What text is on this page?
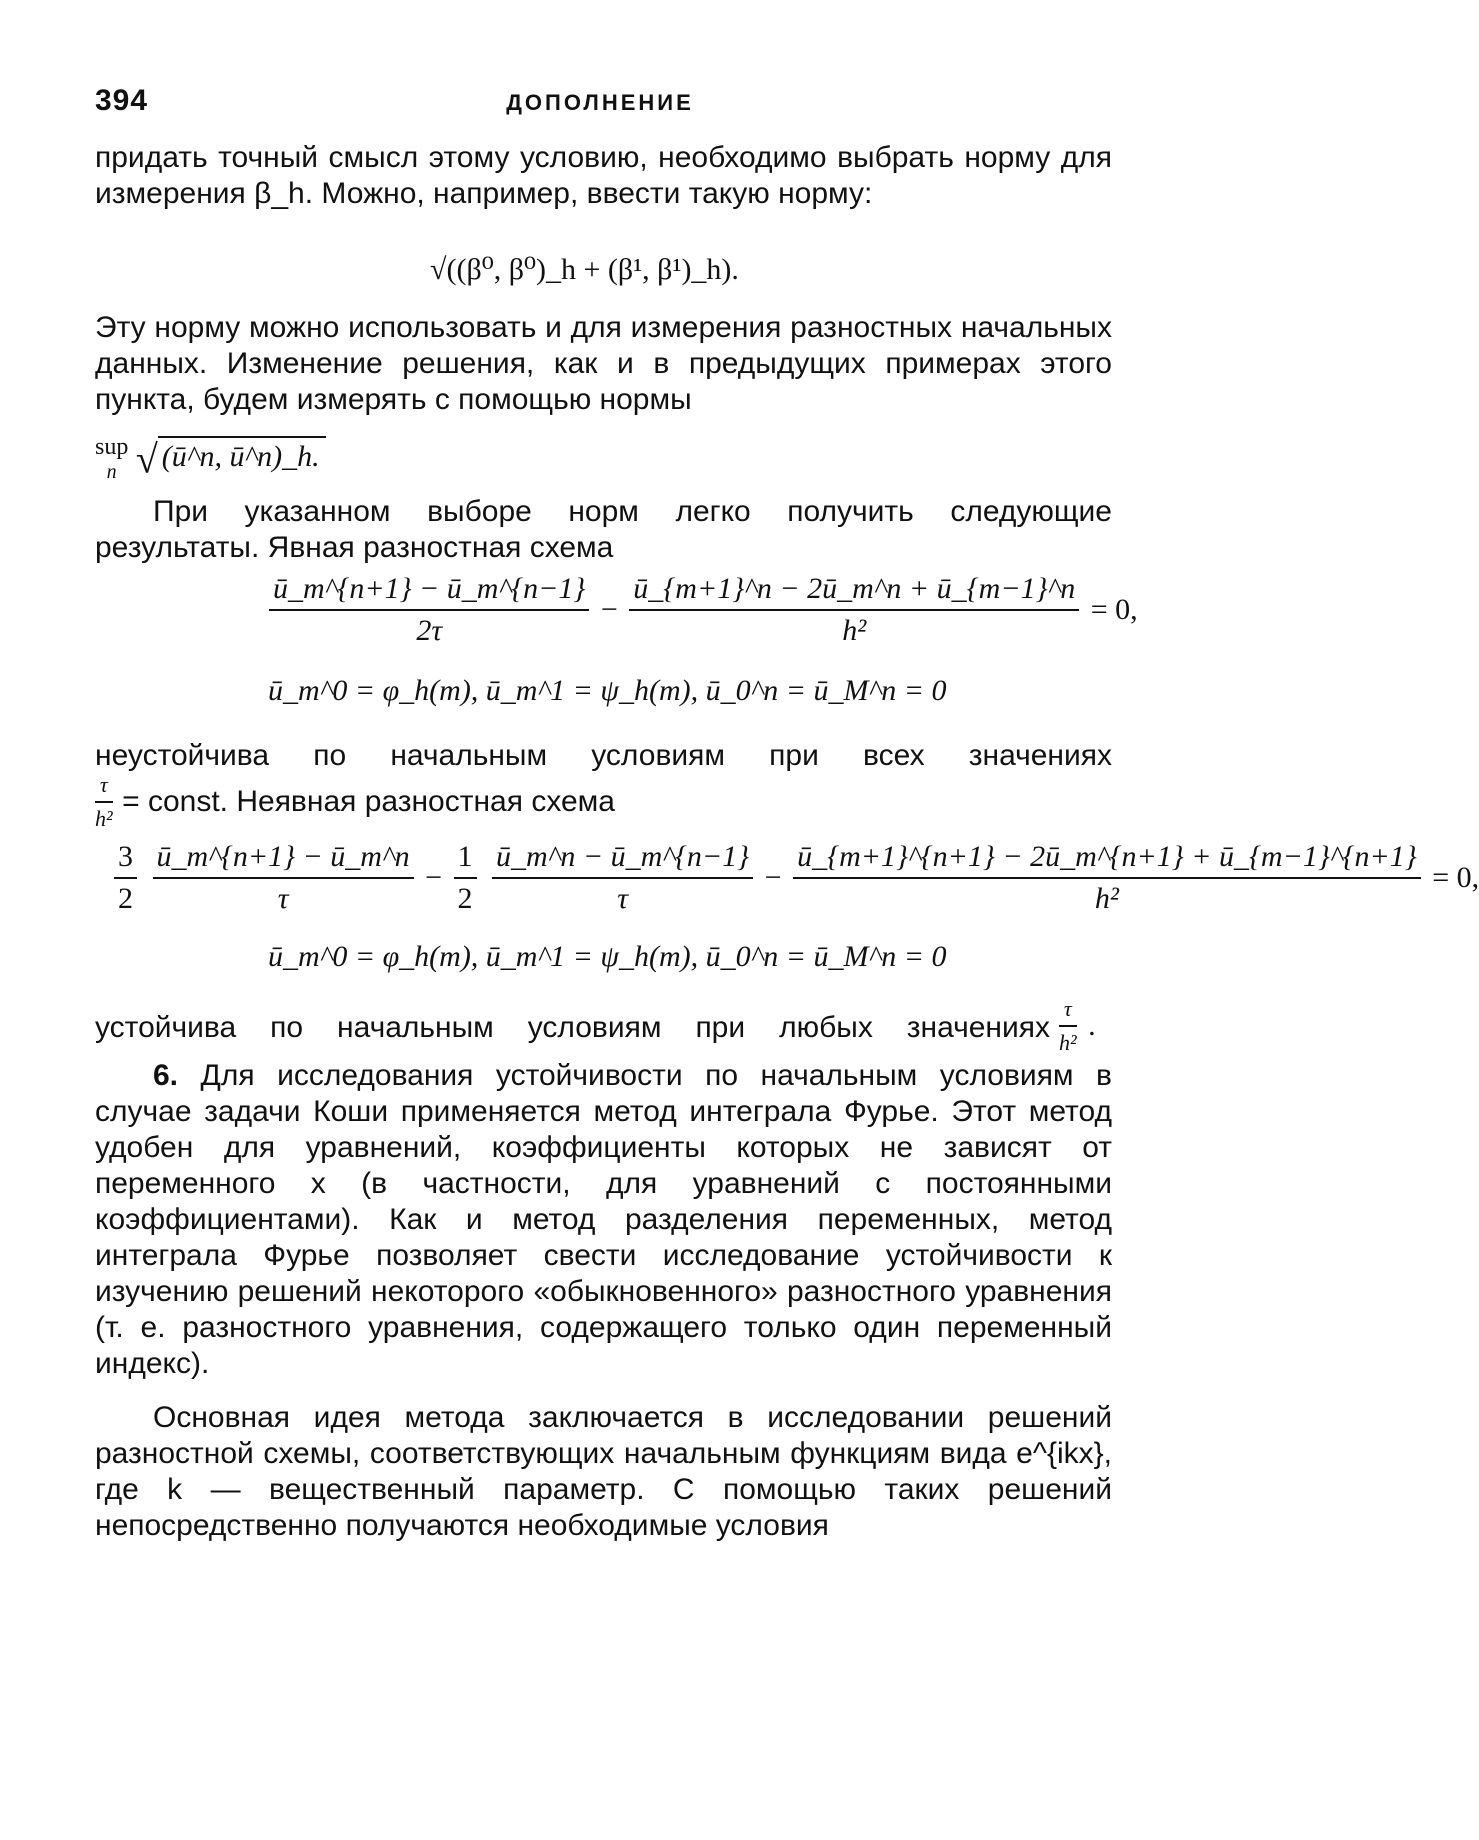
394	ДОПОЛНЕНИЕ
придать точный смысл этому условию, необходимо выбрать норму для измерения β_h. Можно, например, ввести такую норму:
√((β⁰, β⁰)_h + (β¹, β¹)_h).
Эту норму можно использовать и для измерения разностных начальных данных. Изменение решения, как и в предыдущих примерах этого пункта, будем измерять с помощью нормы
sup
n √ (ū^n, ū^n)_h.
При указанном выборе норм легко получить следующие результаты. Явная разностная схема
$\frac{ū\_m\^{}\{n+1\} - ū\_m\^{}\{n-1\}}{2\tau} - \frac{ū\_\{m+1\}\^{}n - 2ū\_m\^{}n + ū\_\{m-1\}\^{}n}{\text{h²}} = 0$,
ū_m^0 = φ_h(m), ū_m^1 = ψ_h(m), ū_0^n = ū_M^n = 0
неустойчива по начальным условиям при всех значениях
$\frac{\tau}{\text{h²}}$ = const. Неявная разностная схема
$\frac{3}{2}$
$\frac{ū\_m\^{}\{n+1\} - ū\_m\^{}n}{\tau} - \frac{1}{2}$
$\frac{ū\_m\^{}n - ū\_m\^{}\{n-1\}}{\tau} - \frac{ū\_\{m+1\}\^{}\{n+1\} - 2ū\_m\^{}\{n+1\} + ū\_\{m-1\}\^{}\{n+1\}}{\text{h²}} = 0$,
ū_m^0 = φ_h(m), ū_m^1 = ψ_h(m), ū_0^n = ū_M^n = 0
устойчива по начальным условиям при любых значениях $\frac{\tau}{\text{h²}}$ .
6. Для исследования устойчивости по начальным условиям в случае задачи Коши применяется метод интеграла Фурье. Этот метод удобен для уравнений, коэффициенты которых не зависят от переменного x (в частности, для уравнений с постоянными коэффициентами). Как и метод разделения переменных, метод интеграла Фурье позволяет свести исследование устойчивости к изучению решений некоторого «обыкновенного» разностного уравнения (т. е. разностного уравнения, содержащего только один переменный индекс).
Основная идея метода заключается в исследовании решений разностной схемы, соответствующих начальным функциям вида e^{ikx}, где k — вещественный параметр. С помощью таких решений непосредственно получаются необходимые условия
